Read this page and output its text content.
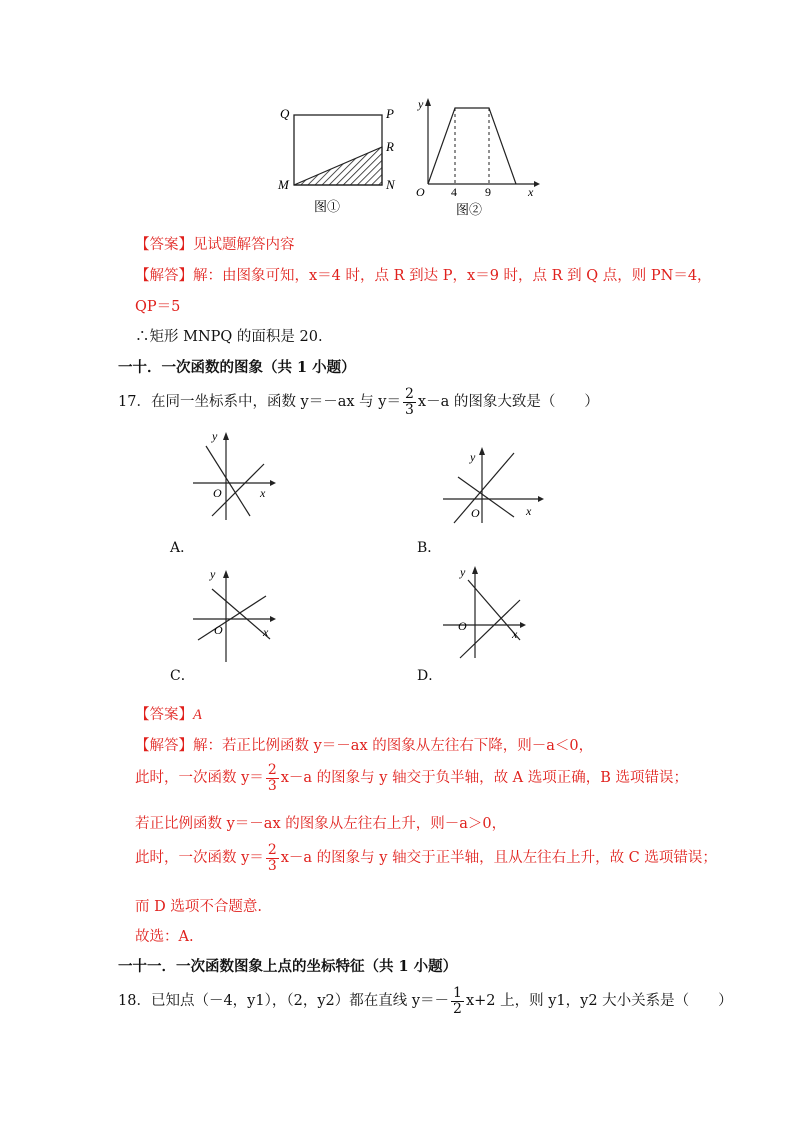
Q	P
R
M	N
图①
y
x
O 4 9
图②
【答案】见试题解答内容
【解答】解：由图象可知，x＝4 时，点 R 到达 P，x＝9 时，点 R 到 Q 点，则 PN＝4，
QP＝5
∴矩形 MNPQ 的面积是 20.
一十．一次函数的图象（共 1 小题）
17．在同一坐标系中，函数 y＝－ax 与 $y= \frac{2}{3} x-a$ 的图象大致是（　　）
y
x
O
A．
y
x
O
B．
y
x
O
C．
y
x
O
D．
【答案】A
【解答】解：若正比例函数 y＝－ax 的图象从左往右下降，则－a＜0，
此时，一次函数 $y= \frac{2}{3} x-a$ 的图象与 y 轴交于负半轴，故 A 选项正确，B 选项错误；
若正比例函数 y＝－ax 的图象从左往右上升，则－a＞0，
此时，一次函数 $y= \frac{2}{3} x-a$ 的图象与 y 轴交于正半轴，且从左往右上升，故 C 选项错误；
而 D 选项不合题意.
故选：A.
一十一．一次函数图象上点的坐标特征（共 1 小题）
18．已知点（－4，y1），（2，y2）都在直线 $y=- \frac{1}{2} x+2$ 上，则 y1，y2 大小关系是（　　）
